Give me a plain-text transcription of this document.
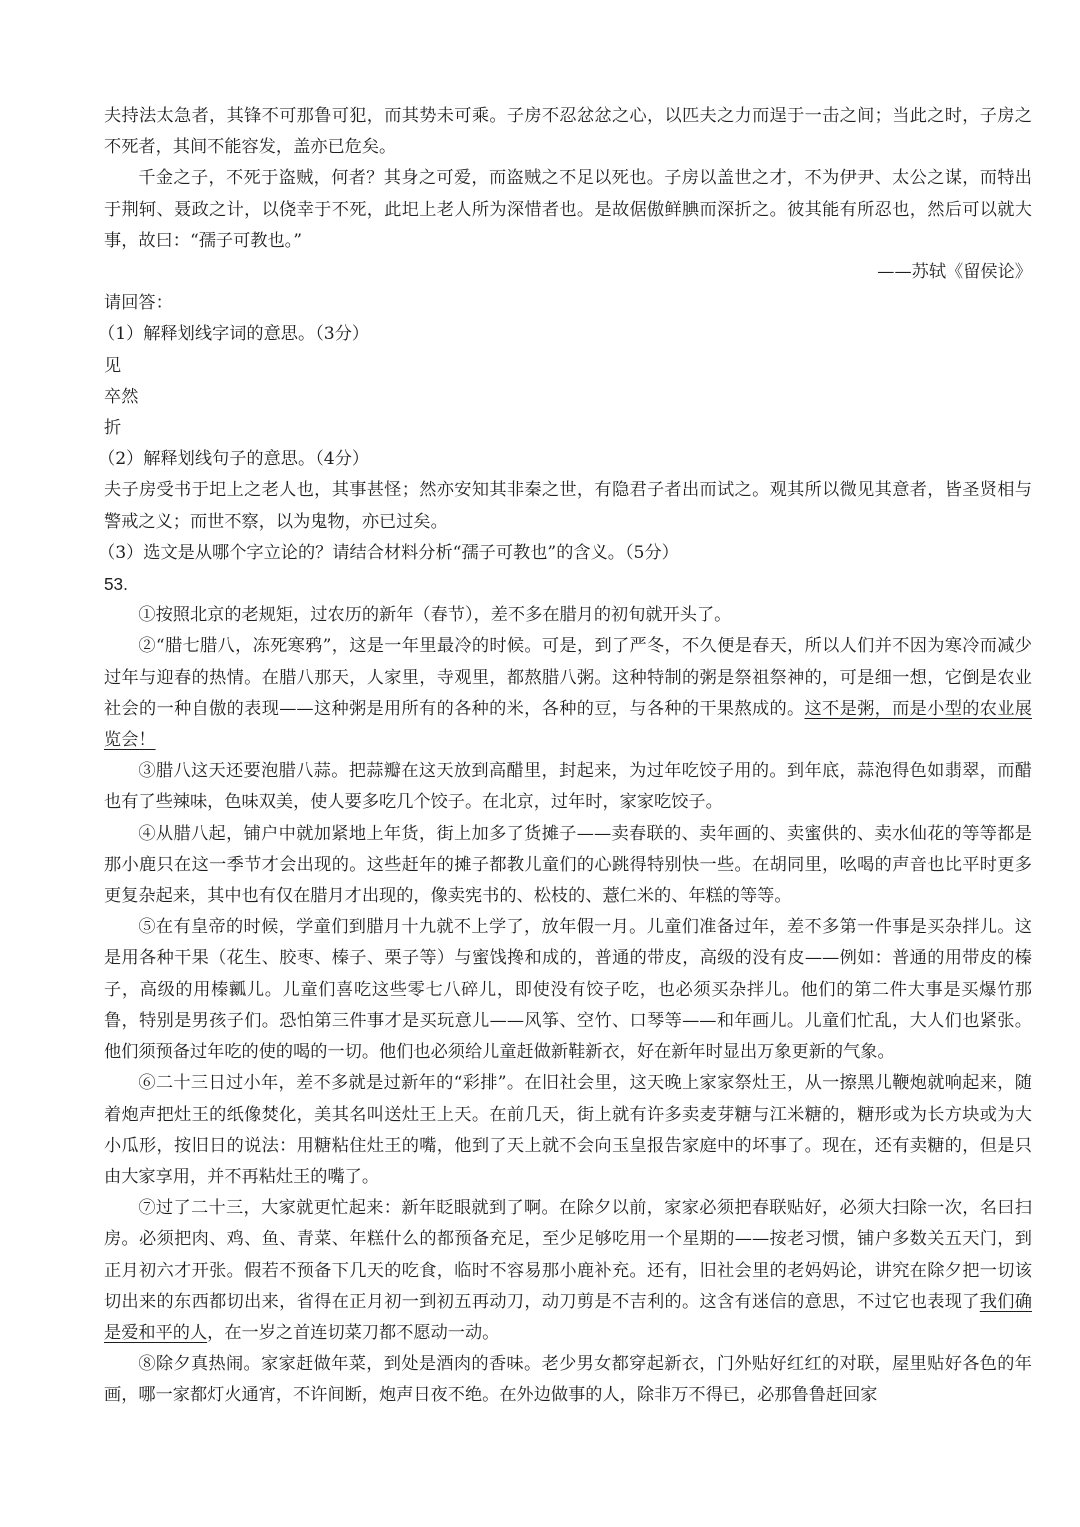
夫持法太急者，其锋不可那鲁可犯，而其势未可乘。子房不忍忿忿之心，以匹夫之力而逞于一击之间；当此之时，子房之不死者，其间不能容发，盖亦已危矣。

千金之子，不死于盗贼，何者？其身之可爱，而盗贼之不足以死也。子房以盖世之才，不为伊尹、太公之谋，而特出于荆轲、聂政之计，以侥幸于不死，此圯上老人所为深惜者也。是故倨傲鲜腆而深折之。彼其能有所忍也，然后可以就大事，故曰：“孺子可教也。”

——苏轼《留侯论》

请回答：

（1）解释划线字词的意思。（3分）

见

卒然

折

（2）解释划线句子的意思。（4分）

夫子房受书于圯上之老人也，其事甚怪；然亦安知其非秦之世，有隐君子者出而试之。观其所以微见其意者，皆圣贤相与警戒之义；而世不察，以为鬼物，亦已过矣。

（3）选文是从哪个字立论的？请结合材料分析“孺子可教也”的含义。（5分）

53.

①按照北京的老规矩，过农历的新年（春节），差不多在腊月的初旬就开头了。

②“腊七腊八，冻死寒鸦”，这是一年里最冷的时候。可是，到了严冬，不久便是春天，所以人们并不因为寒冷而减少过年与迎春的热情。在腊八那天，人家里，寺观里，都熬腊八粥。这种特制的粥是祭祖祭神的，可是细一想，它倒是农业社会的一种自傲的表现——这种粥是用所有的各种的米，各种的豆，与各种的干果熬成的。这不是粥，而是小型的农业展览会！

③腊八这天还要泡腊八蒜。把蒜瓣在这天放到高醋里，封起来，为过年吃饺子用的。到年底，蒜泡得色如翡翠，而醋也有了些辣味，色味双美，使人要多吃几个饺子。在北京，过年时，家家吃饺子。

④从腊八起，铺户中就加紧地上年货，街上加多了货摊子——卖春联的、卖年画的、卖蜜供的、卖水仙花的等等都是那小鹿只在这一季节才会出现的。这些赶年的摊子都教儿童们的心跳得特别快一些。在胡同里，吆喝的声音也比平时更多更复杂起来，其中也有仅在腊月才出现的，像卖宪书的、松枝的、薏仁米的、年糕的等等。

⑤在有皇帝的时候，学童们到腊月十九就不上学了，放年假一月。儿童们准备过年，差不多第一件事是买杂拌儿。这是用各种干果（花生、胶枣、榛子、栗子等）与蜜饯搀和成的，普通的带皮，高级的没有皮——例如：普通的用带皮的榛子，高级的用榛瓤儿。儿童们喜吃这些零七八碎儿，即使没有饺子吃，也必须买杂拌儿。他们的第二件大事是买爆竹那鲁，特别是男孩子们。恐怕第三件事才是买玩意儿——风筝、空竹、口琴等——和年画儿。儿童们忙乱，大人们也紧张。他们须预备过年吃的使的喝的一切。他们也必须给儿童赶做新鞋新衣，好在新年时显出万象更新的气象。

⑥二十三日过小年，差不多就是过新年的“彩排”。在旧社会里，这天晚上家家祭灶王，从一擦黑儿鞭炮就响起来，随着炮声把灶王的纸像焚化，美其名叫送灶王上天。在前几天，街上就有许多卖麦芽糖与江米糖的，糖形或为长方块或为大小瓜形，按旧日的说法：用糖粘住灶王的嘴，他到了天上就不会向玉皇报告家庭中的坏事了。现在，还有卖糖的，但是只由大家享用，并不再粘灶王的嘴了。

⑦过了二十三，大家就更忙起来：新年眨眼就到了啊。在除夕以前，家家必须把春联贴好，必须大扫除一次，名曰扫房。必须把肉、鸡、鱼、青菜、年糕什么的都预备充足，至少足够吃用一个星期的——按老习惯，铺户多数关五天门，到正月初六才开张。假若不预备下几天的吃食，临时不容易那小鹿补充。还有，旧社会里的老妈妈论，讲究在除夕把一切该切出来的东西都切出来，省得在正月初一到初五再动刀，动刀剪是不吉利的。这含有迷信的意思，不过它也表现了我们确是爱和平的人，在一岁之首连切菜刀都不愿动一动。

⑧除夕真热闹。家家赶做年菜，到处是酒肉的香味。老少男女都穿起新衣，门外贴好红红的对联，屋里贴好各色的年画，哪一家都灯火通宵，不许间断，炮声日夜不绝。在外边做事的人，除非万不得已，必那鲁鲁赶回家
